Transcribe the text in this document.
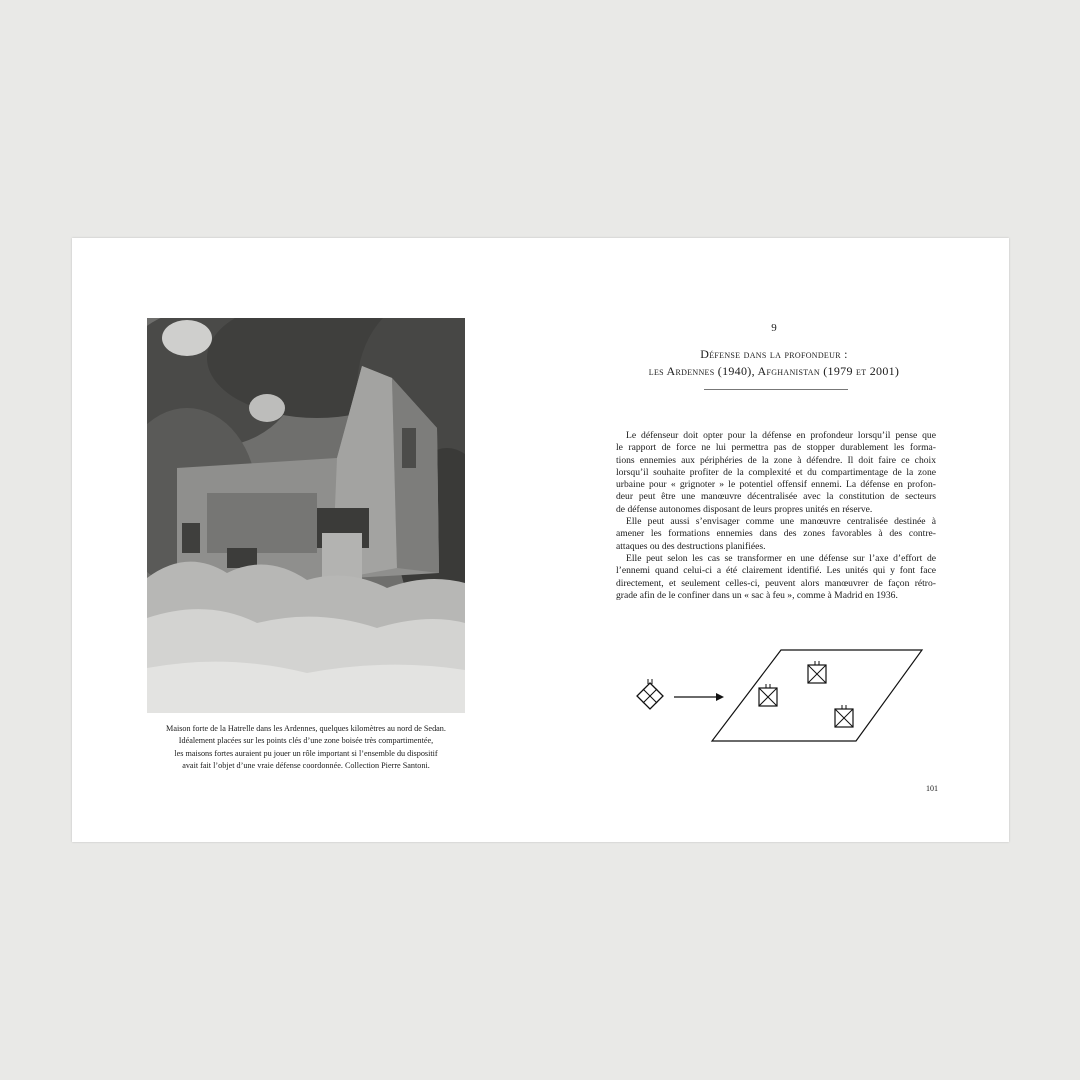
Maison forte de la Hatrelle dans les Ardennes, quelques kilomètres au nord de Sedan.
Idéalement placées sur les points clés d’une zone boisée très compartimentée,
les maisons fortes auraient pu jouer un rôle important si l’ensemble du dispositif
avait fait l’objet d’une vraie défense coordonnée. Collection Pierre Santoni.
9
Défense dans la profondeur :
les Ardennes (1940), Afghanistan (1979 et 2001)
Le défenseur doit opter pour la défense en profondeur lorsqu’il pense que
le rapport de force ne lui permettra pas de stopper durablement les forma-
tions ennemies aux périphéries de la zone à défendre. Il doit faire ce choix
lorsqu’il souhaite profiter de la complexité et du compartimentage de la zone
urbaine pour « grignoter » le potentiel offensif ennemi. La défense en profon-
deur peut être une manœuvre décentralisée avec la constitution de secteurs
de défense autonomes disposant de leurs propres unités en réserve.
Elle peut aussi s’envisager comme une manœuvre centralisée destinée à
amener les formations ennemies dans des zones favorables à des contre-
attaques ou des destructions planifiées.
Elle peut selon les cas se transformer en une défense sur l’axe d’effort de
l’ennemi quand celui-ci a été clairement identifié. Les unités qui y font face
directement, et seulement celles-ci, peuvent alors manœuvrer de façon rétro-
grade afin de le confiner dans un « sac à feu », comme à Madrid en 1936.
101
